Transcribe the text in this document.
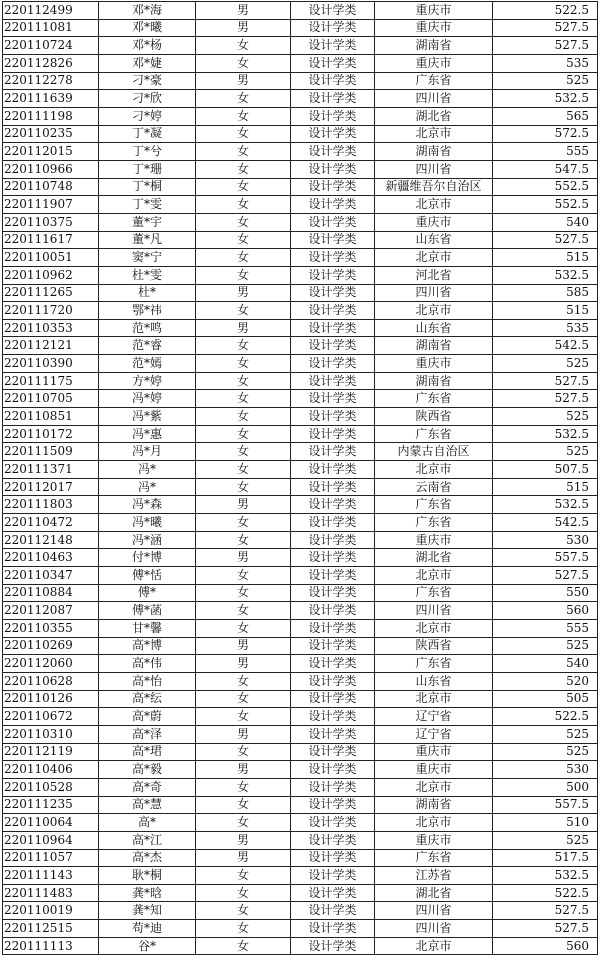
220112499	邓*海	男	设计学类	重庆市	522.5
220111081	邓*曦	男	设计学类	重庆市	527.5
220110724	邓*杨	女	设计学类	湖南省	527.5
220112826	邓*婕	女	设计学类	重庆市	535
220112278	刁*豪	男	设计学类	广东省	525
220111639	刁*欣	女	设计学类	四川省	532.5
220111198	刁*婷	女	设计学类	湖北省	565
220110235	丁*凝	女	设计学类	北京市	572.5
220112015	丁*兮	女	设计学类	湖南省	555
220110966	丁*珊	女	设计学类	四川省	547.5
220110748	丁*桐	女	设计学类	新疆维吾尔自治区	552.5
220111907	丁*雯	女	设计学类	北京市	552.5
220110375	董*宇	女	设计学类	重庆市	540
220111617	董*凡	女	设计学类	山东省	527.5
220110051	窦*宁	女	设计学类	北京市	515
220110962	杜*雯	女	设计学类	河北省	532.5
220111265	杜*	男	设计学类	四川省	585
220111720	鄂*祎	女	设计学类	北京市	515
220110353	范*鸣	男	设计学类	山东省	535
220112121	范*睿	女	设计学类	湖南省	542.5
220110390	范*嫣	女	设计学类	重庆市	525
220111175	方*婷	女	设计学类	湖南省	527.5
220110705	冯*婷	女	设计学类	广东省	527.5
220110851	冯*紫	女	设计学类	陕西省	525
220110172	冯*惠	女	设计学类	广东省	532.5
220111509	冯*月	女	设计学类	内蒙古自治区	525
220111371	冯*	女	设计学类	北京市	507.5
220112017	冯*	女	设计学类	云南省	515
220111803	冯*森	男	设计学类	广东省	532.5
220110472	冯*曦	女	设计学类	广东省	542.5
220112148	冯*涵	女	设计学类	重庆市	530
220110463	付*博	男	设计学类	湖北省	557.5
220110347	傅*恬	女	设计学类	北京市	527.5
220110884	傅*	女	设计学类	广东省	550
220112087	傅*菡	女	设计学类	四川省	560
220110355	甘*馨	女	设计学类	北京市	555
220110269	高*博	男	设计学类	陕西省	525
220112060	高*伟	男	设计学类	广东省	540
220110628	高*怡	女	设计学类	山东省	520
220110126	高*纭	女	设计学类	北京市	505
220110672	高*蔚	女	设计学类	辽宁省	522.5
220110310	高*泽	男	设计学类	辽宁省	525
220112119	高*珺	女	设计学类	重庆市	525
220110406	高*毅	男	设计学类	重庆市	530
220110528	高*奇	女	设计学类	北京市	500
220111235	高*慧	女	设计学类	湖南省	557.5
220110064	高*	女	设计学类	北京市	510
220110964	高*江	男	设计学类	重庆市	525
220111057	高*杰	男	设计学类	广东省	517.5
220111143	耿*桐	女	设计学类	江苏省	532.5
220111483	龚*晗	女	设计学类	湖北省	522.5
220110019	龚*知	女	设计学类	四川省	527.5
220112515	苟*迪	女	设计学类	四川省	527.5
220111113	谷*	女	设计学类	北京市	560
